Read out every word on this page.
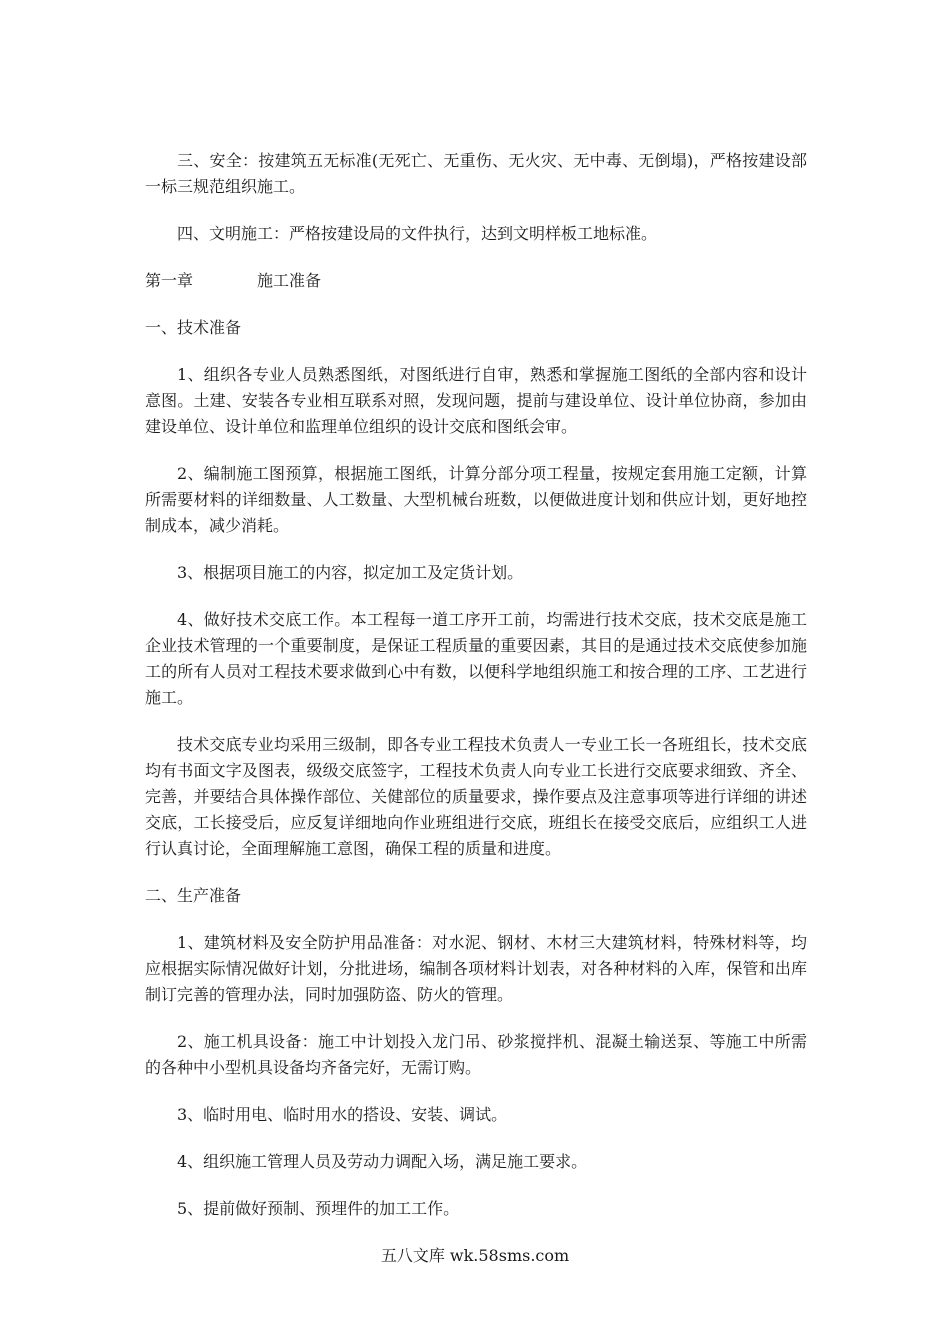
三、安全：按建筑五无标准(无死亡、无重伤、无火灾、无中毒、无倒塌)，严格按建设部一标三规范组织施工。

四、文明施工：严格按建设局的文件执行，达到文明样板工地标准。

第一章	施工准备

一、技术准备

1、组织各专业人员熟悉图纸，对图纸进行自审，熟悉和掌握施工图纸的全部内容和设计意图。土建、安装各专业相互联系对照，发现问题，提前与建设单位、设计单位协商，参加由建设单位、设计单位和监理单位组织的设计交底和图纸会审。

2、编制施工图预算，根据施工图纸，计算分部分项工程量，按规定套用施工定额，计算所需要材料的详细数量、人工数量、大型机械台班数，以便做进度计划和供应计划，更好地控制成本，减少消耗。

3、根据项目施工的内容，拟定加工及定货计划。

4、做好技术交底工作。本工程每一道工序开工前，均需进行技术交底，技术交底是施工企业技术管理的一个重要制度，是保证工程质量的重要因素，其目的是通过技术交底使参加施工的所有人员对工程技术要求做到心中有数，以便科学地组织施工和按合理的工序、工艺进行施工。

技术交底专业均采用三级制，即各专业工程技术负责人一专业工长一各班组长，技术交底均有书面文字及图表，级级交底签字，工程技术负责人向专业工长进行交底要求细致、齐全、完善，并要结合具体操作部位、关健部位的质量要求，操作要点及注意事项等进行详细的讲述交底，工长接受后，应反复详细地向作业班组进行交底，班组长在接受交底后，应组织工人进行认真讨论，全面理解施工意图，确保工程的质量和进度。

二、生产准备

1、建筑材料及安全防护用品准备：对水泥、钢材、木材三大建筑材料，特殊材料等，均应根据实际情况做好计划，分批进场，编制各项材料计划表，对各种材料的入库，保管和出库制订完善的管理办法，同时加强防盗、防火的管理。

2、施工机具设备：施工中计划投入龙门吊、砂浆搅拌机、混凝土输送泵、等施工中所需的各种中小型机具设备均齐备完好，无需订购。

3、临时用电、临时用水的搭设、安装、调试。

4、组织施工管理人员及劳动力调配入场，满足施工要求。

5、提前做好预制、预埋件的加工工作。

五八文库 wk.58sms.com
